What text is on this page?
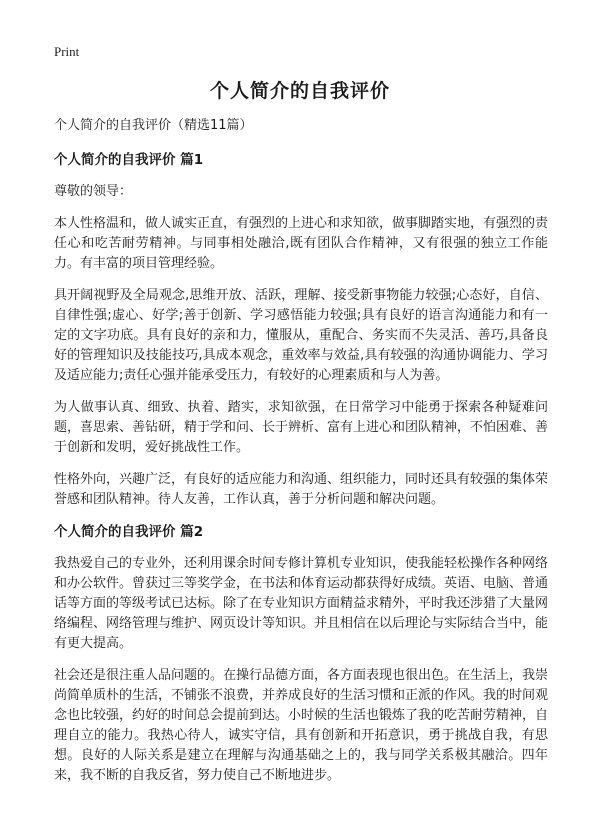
Print
个人简介的自我评价

个人简介的自我评价（精选11篇）

个人简介的自我评价 篇1

尊敬的领导：

本人性格温和，做人诚实正直，有强烈的上进心和求知欲，做事脚踏实地，有强烈的责任心和吃苦耐劳精神。与同事相处融洽,既有团队合作精神，又有很强的独立工作能力。有丰富的项目管理经验。

具开阔视野及全局观念,思维开放、活跃，理解、接受新事物能力较强;心态好，自信、自律性强;虚心、好学;善于创新、学习感悟能力较强;具有良好的语言沟通能力和有一定的文字功底。具有良好的亲和力，懂服从，重配合、务实而不失灵活、善巧,具备良好的管理知识及技能技巧,具成本观念，重效率与效益,具有较强的沟通协调能力、学习及适应能力;责任心强并能承受压力，有较好的心理素质和与人为善。

为人做事认真、细致、执着、踏实，求知欲强，在日常学习中能勇于探索各种疑难问题，喜思索、善钻研，精于学和问、长于辨析、富有上进心和团队精神，不怕困难、善于创新和发明，爱好挑战性工作。

性格外向，兴趣广泛，有良好的适应能力和沟通、组织能力，同时还具有较强的集体荣誉感和团队精神。待人友善，工作认真，善于分析问题和解决问题。

个人简介的自我评价 篇2

我热爱自己的专业外，还利用课余时间专修计算机专业知识，使我能轻松操作各种网络和办公软件。曾获过三等奖学金，在书法和体育运动都获得好成绩。英语、电脑、普通话等方面的等级考试已达标。除了在专业知识方面精益求精外，平时我还涉猎了大量网络编程、网络管理与维护、网页设计等知识。并且相信在以后理论与实际结合当中，能有更大提高。

社会还是很注重人品问题的。在操行品德方面，各方面表现也很出色。在生活上，我崇尚简单质朴的生活，不铺张不浪费，并养成良好的生活习惯和正派的作风。我的时间观念也比较强，约好的时间总会提前到达。小时候的生活也锻炼了我的吃苦耐劳精神，自理自立的能力。我热心待人，诚实守信，具有创新和开拓意识，勇于挑战自我，有思想。良好的人际关系是建立在理解与沟通基础之上的，我与同学关系极其融洽。四年来，我不断的自我反省，努力使自己不断地进步。
